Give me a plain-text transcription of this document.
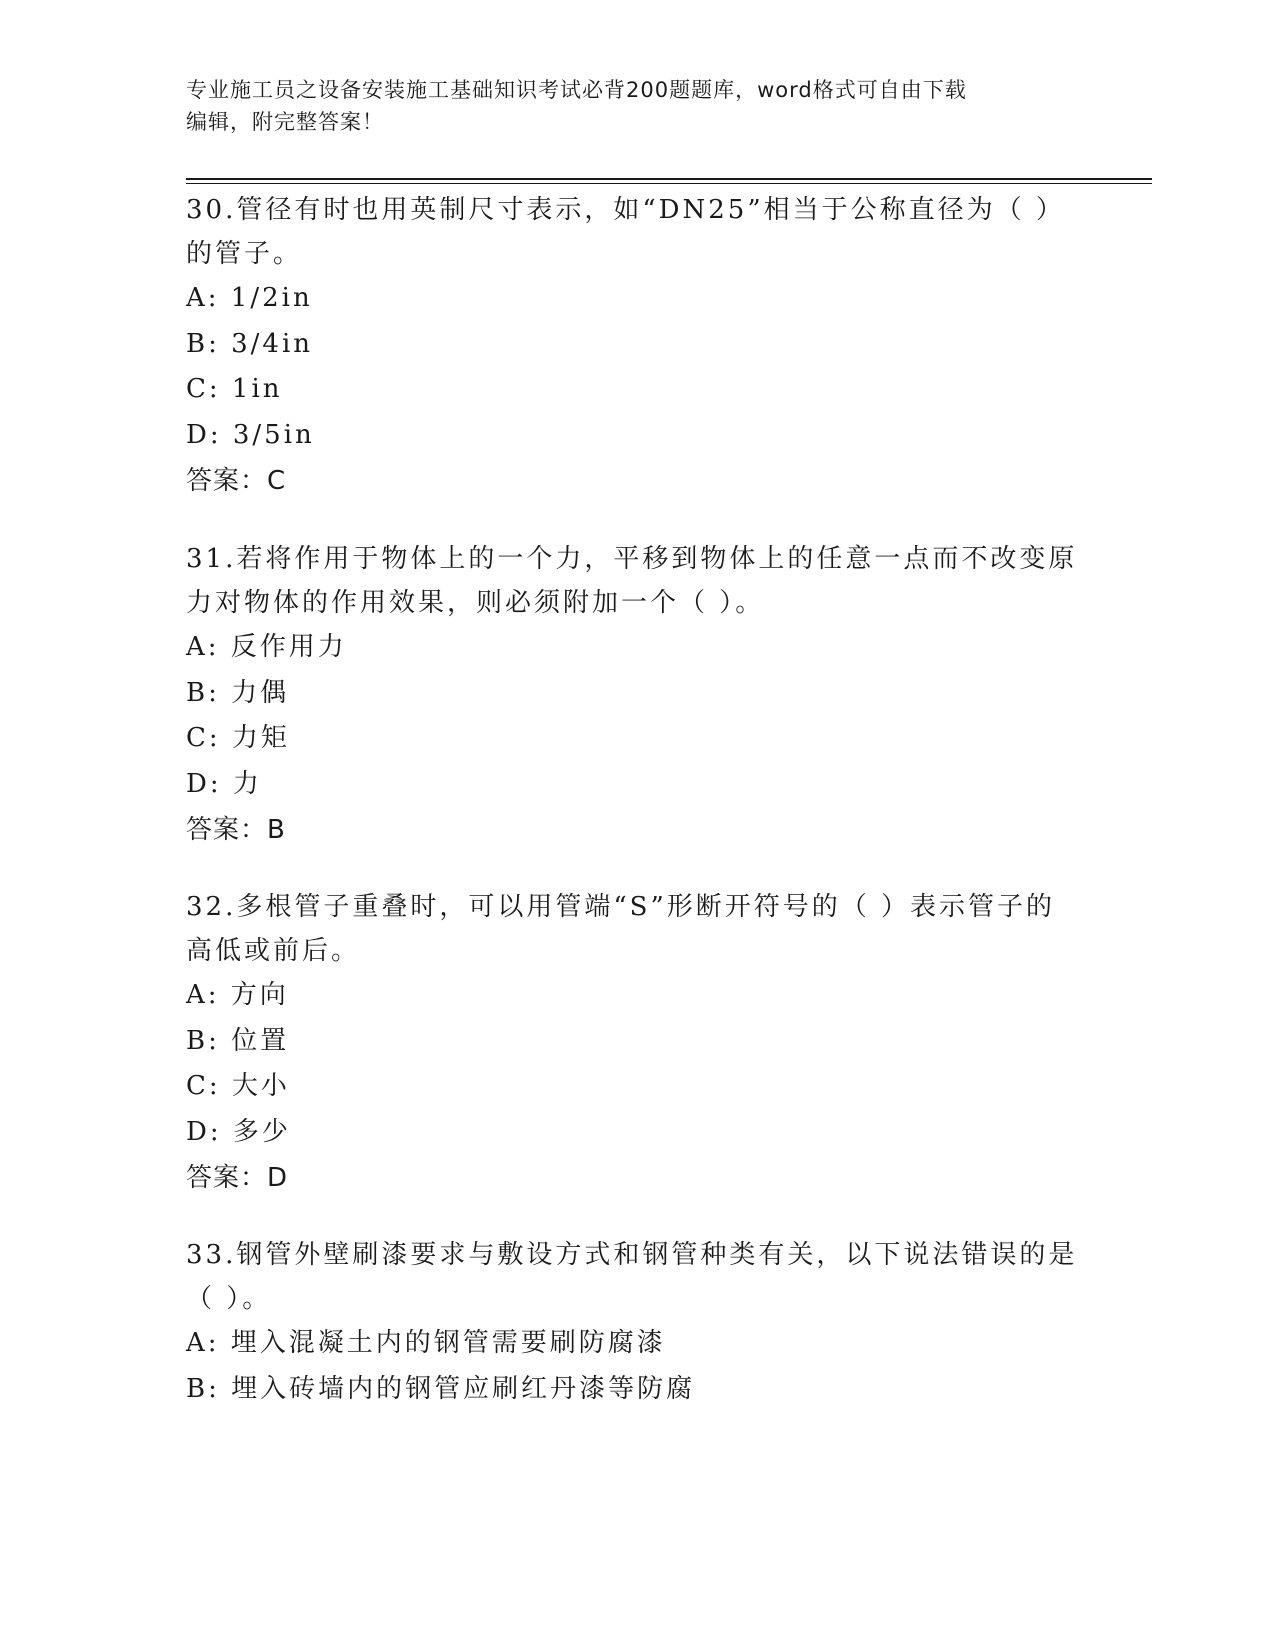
专业施工员之设备安装施工基础知识考试必背200题题库，word格式可自由下载
编辑，附完整答案！

30.管径有时也用英制尺寸表示，如“DN25”相当于公称直径为（ ）

的管子。

A: 1/2in

B: 3/4in

C: 1in

D: 3/5in

答案：C

31.若将作用于物体上的一个力，平移到物体上的任意一点而不改变原

力对物体的作用效果，则必须附加一个（ ）。

A: 反作用力

B: 力偶

C: 力矩

D: 力

答案：B

32.多根管子重叠时，可以用管端“S”形断开符号的（ ）表示管子的

高低或前后。

A: 方向

B: 位置

C: 大小

D: 多少

答案：D

33.钢管外壁刷漆要求与敷设方式和钢管种类有关，以下说法错误的是

（ ）。

A: 埋入混凝土内的钢管需要刷防腐漆

B: 埋入砖墙内的钢管应刷红丹漆等防腐
